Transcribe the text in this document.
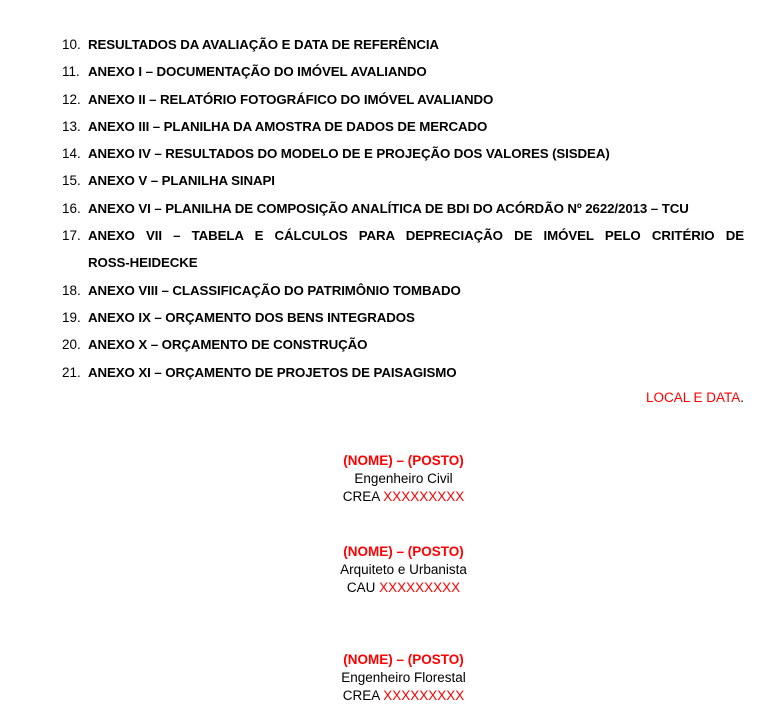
10. RESULTADOS DA AVALIAÇÃO E DATA DE REFERÊNCIA
11. ANEXO I – DOCUMENTAÇÃO DO IMÓVEL AVALIANDO
12. ANEXO II – RELATÓRIO FOTOGRÁFICO DO IMÓVEL AVALIANDO
13. ANEXO III – PLANILHA DA AMOSTRA DE DADOS DE MERCADO
14. ANEXO IV – RESULTADOS DO MODELO DE E PROJEÇÃO DOS VALORES (SISDEA)
15. ANEXO V – PLANILHA SINAPI
16. ANEXO VI – PLANILHA DE COMPOSIÇÃO ANALÍTICA DE BDI DO ACÓRDÃO Nº 2622/2013 – TCU
17. ANEXO VII – TABELA E CÁLCULOS PARA DEPRECIAÇÃO DE IMÓVEL PELO CRITÉRIO DE
ROSS-HEIDECKE
18. ANEXO VIII – CLASSIFICAÇÃO DO PATRIMÔNIO TOMBADO
19. ANEXO IX – ORÇAMENTO DOS BENS INTEGRADOS
20. ANEXO X – ORÇAMENTO DE CONSTRUÇÃO
21. ANEXO XI – ORÇAMENTO DE PROJETOS DE PAISAGISMO
LOCAL E DATA.
(NOME) – (POSTO)
Engenheiro Civil
CREA XXXXXXXXX
(NOME) – (POSTO)
Arquiteto e Urbanista
CAU XXXXXXXXX
(NOME) – (POSTO)
Engenheiro Florestal
CREA XXXXXXXXX
